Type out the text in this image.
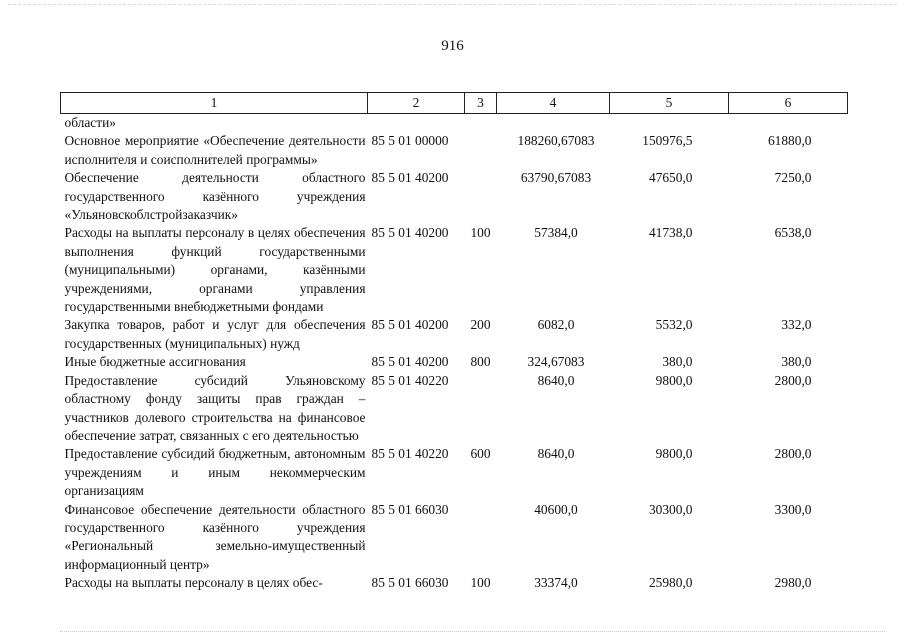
916
1	2	3	4	5	6
области»					
Основное мероприятие «Обеспечение деятельности исполнителя и соисполнителей программы»	85 5 01 00000		188260,67083	150976,5	61880,0
Обеспечение деятельности областного государственного казённого учреждения «Ульяновскоблстройзаказчик»	85 5 01 40200		63790,67083	47650,0	7250,0
Расходы на выплаты персоналу в целях обеспечения выполнения функций государственными (муниципальными) органами, казёнными учреждениями, органами управления государственными внебюджетными фондами	85 5 01 40200	100	57384,0	41738,0	6538,0
Закупка товаров, работ и услуг для обеспечения государственных (муниципальных) нужд	85 5 01 40200	200	6082,0	5532,0	332,0
Иные бюджетные ассигнования	85 5 01 40200	800	324,67083	380,0	380,0
Предоставление субсидий Ульяновскому областному фонду защиты прав граждан – участников долевого строительства на финансовое обеспечение затрат, связанных с его деятельностью	85 5 01 40220		8640,0	9800,0	2800,0
Предоставление субсидий бюджетным, автономным учреждениям и иным некоммерческим организациям	85 5 01 40220	600	8640,0	9800,0	2800,0
Финансовое обеспечение деятельности областного государственного казённого учреждения «Региональный земельно-имущественный информационный центр»	85 5 01 66030		40600,0	30300,0	3300,0
Расходы на выплаты персоналу в целях обес-	85 5 01 66030	100	33374,0	25980,0	2980,0
